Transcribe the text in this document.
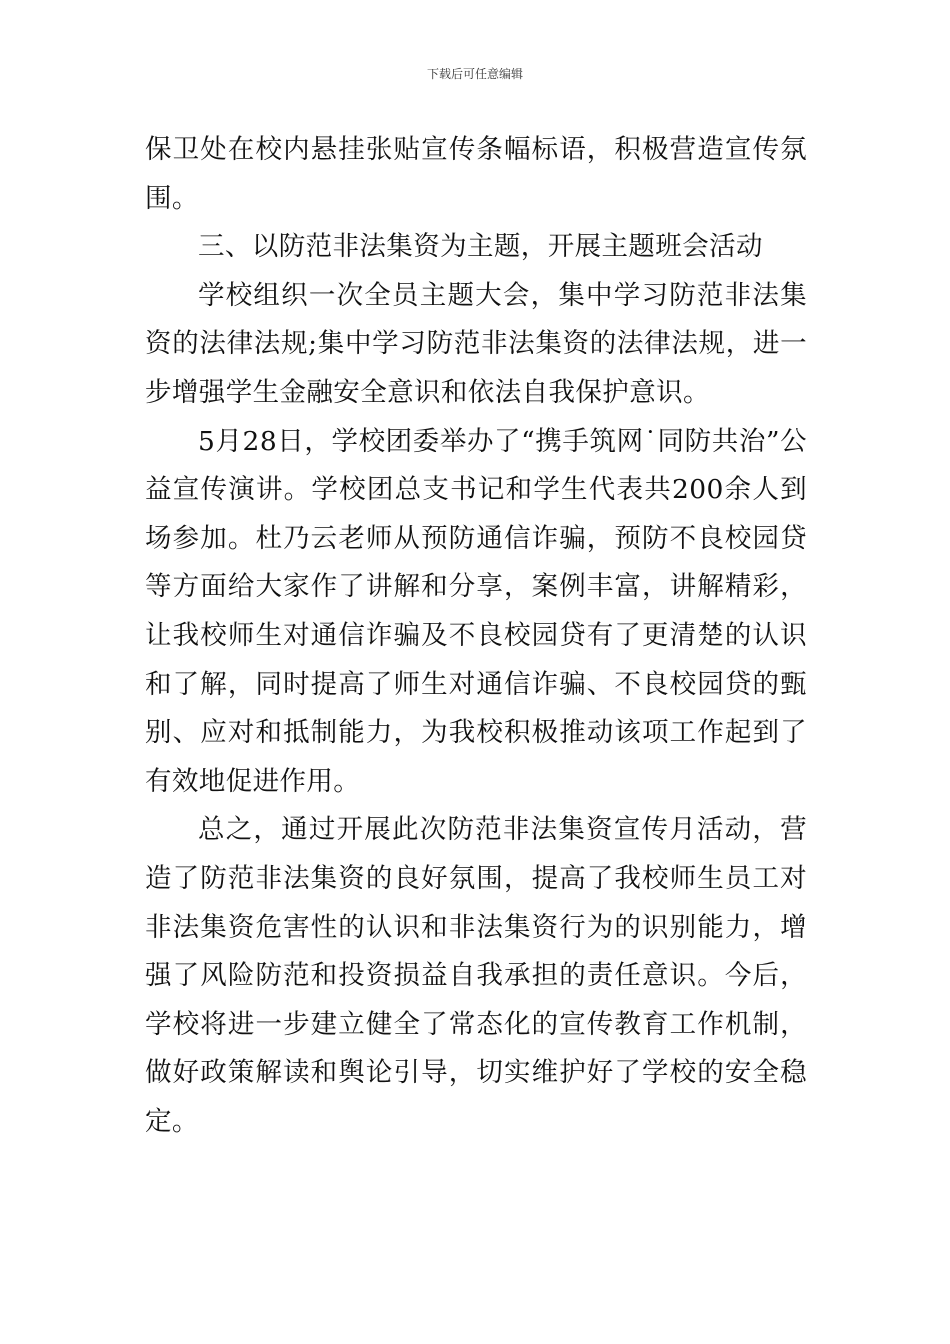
下载后可任意编辑

保卫处在校内悬挂张贴宣传条幅标语，积极营造宣传氛围。

三、以防范非法集资为主题，开展主题班会活动

学校组织一次全员主题大会，集中学习防范非法集资的法律法规;集中学习防范非法集资的法律法规，进一步增强学生金融安全意识和依法自我保护意识。

5月28日，学校团委举办了“携手筑网˙同防共治”公益宣传演讲。学校团总支书记和学生代表共200余人到场参加。杜乃云老师从预防通信诈骗，预防不良校园贷等方面给大家作了讲解和分享，案例丰富，讲解精彩，让我校师生对通信诈骗及不良校园贷有了更清楚的认识和了解，同时提高了师生对通信诈骗、不良校园贷的甄别、应对和抵制能力，为我校积极推动该项工作起到了有效地促进作用。

总之，通过开展此次防范非法集资宣传月活动，营造了防范非法集资的良好氛围，提高了我校师生员工对非法集资危害性的认识和非法集资行为的识别能力，增强了风险防范和投资损益自我承担的责任意识。今后，学校将进一步建立健全了常态化的宣传教育工作机制，做好政策解读和舆论引导，切实维护好了学校的安全稳定。
